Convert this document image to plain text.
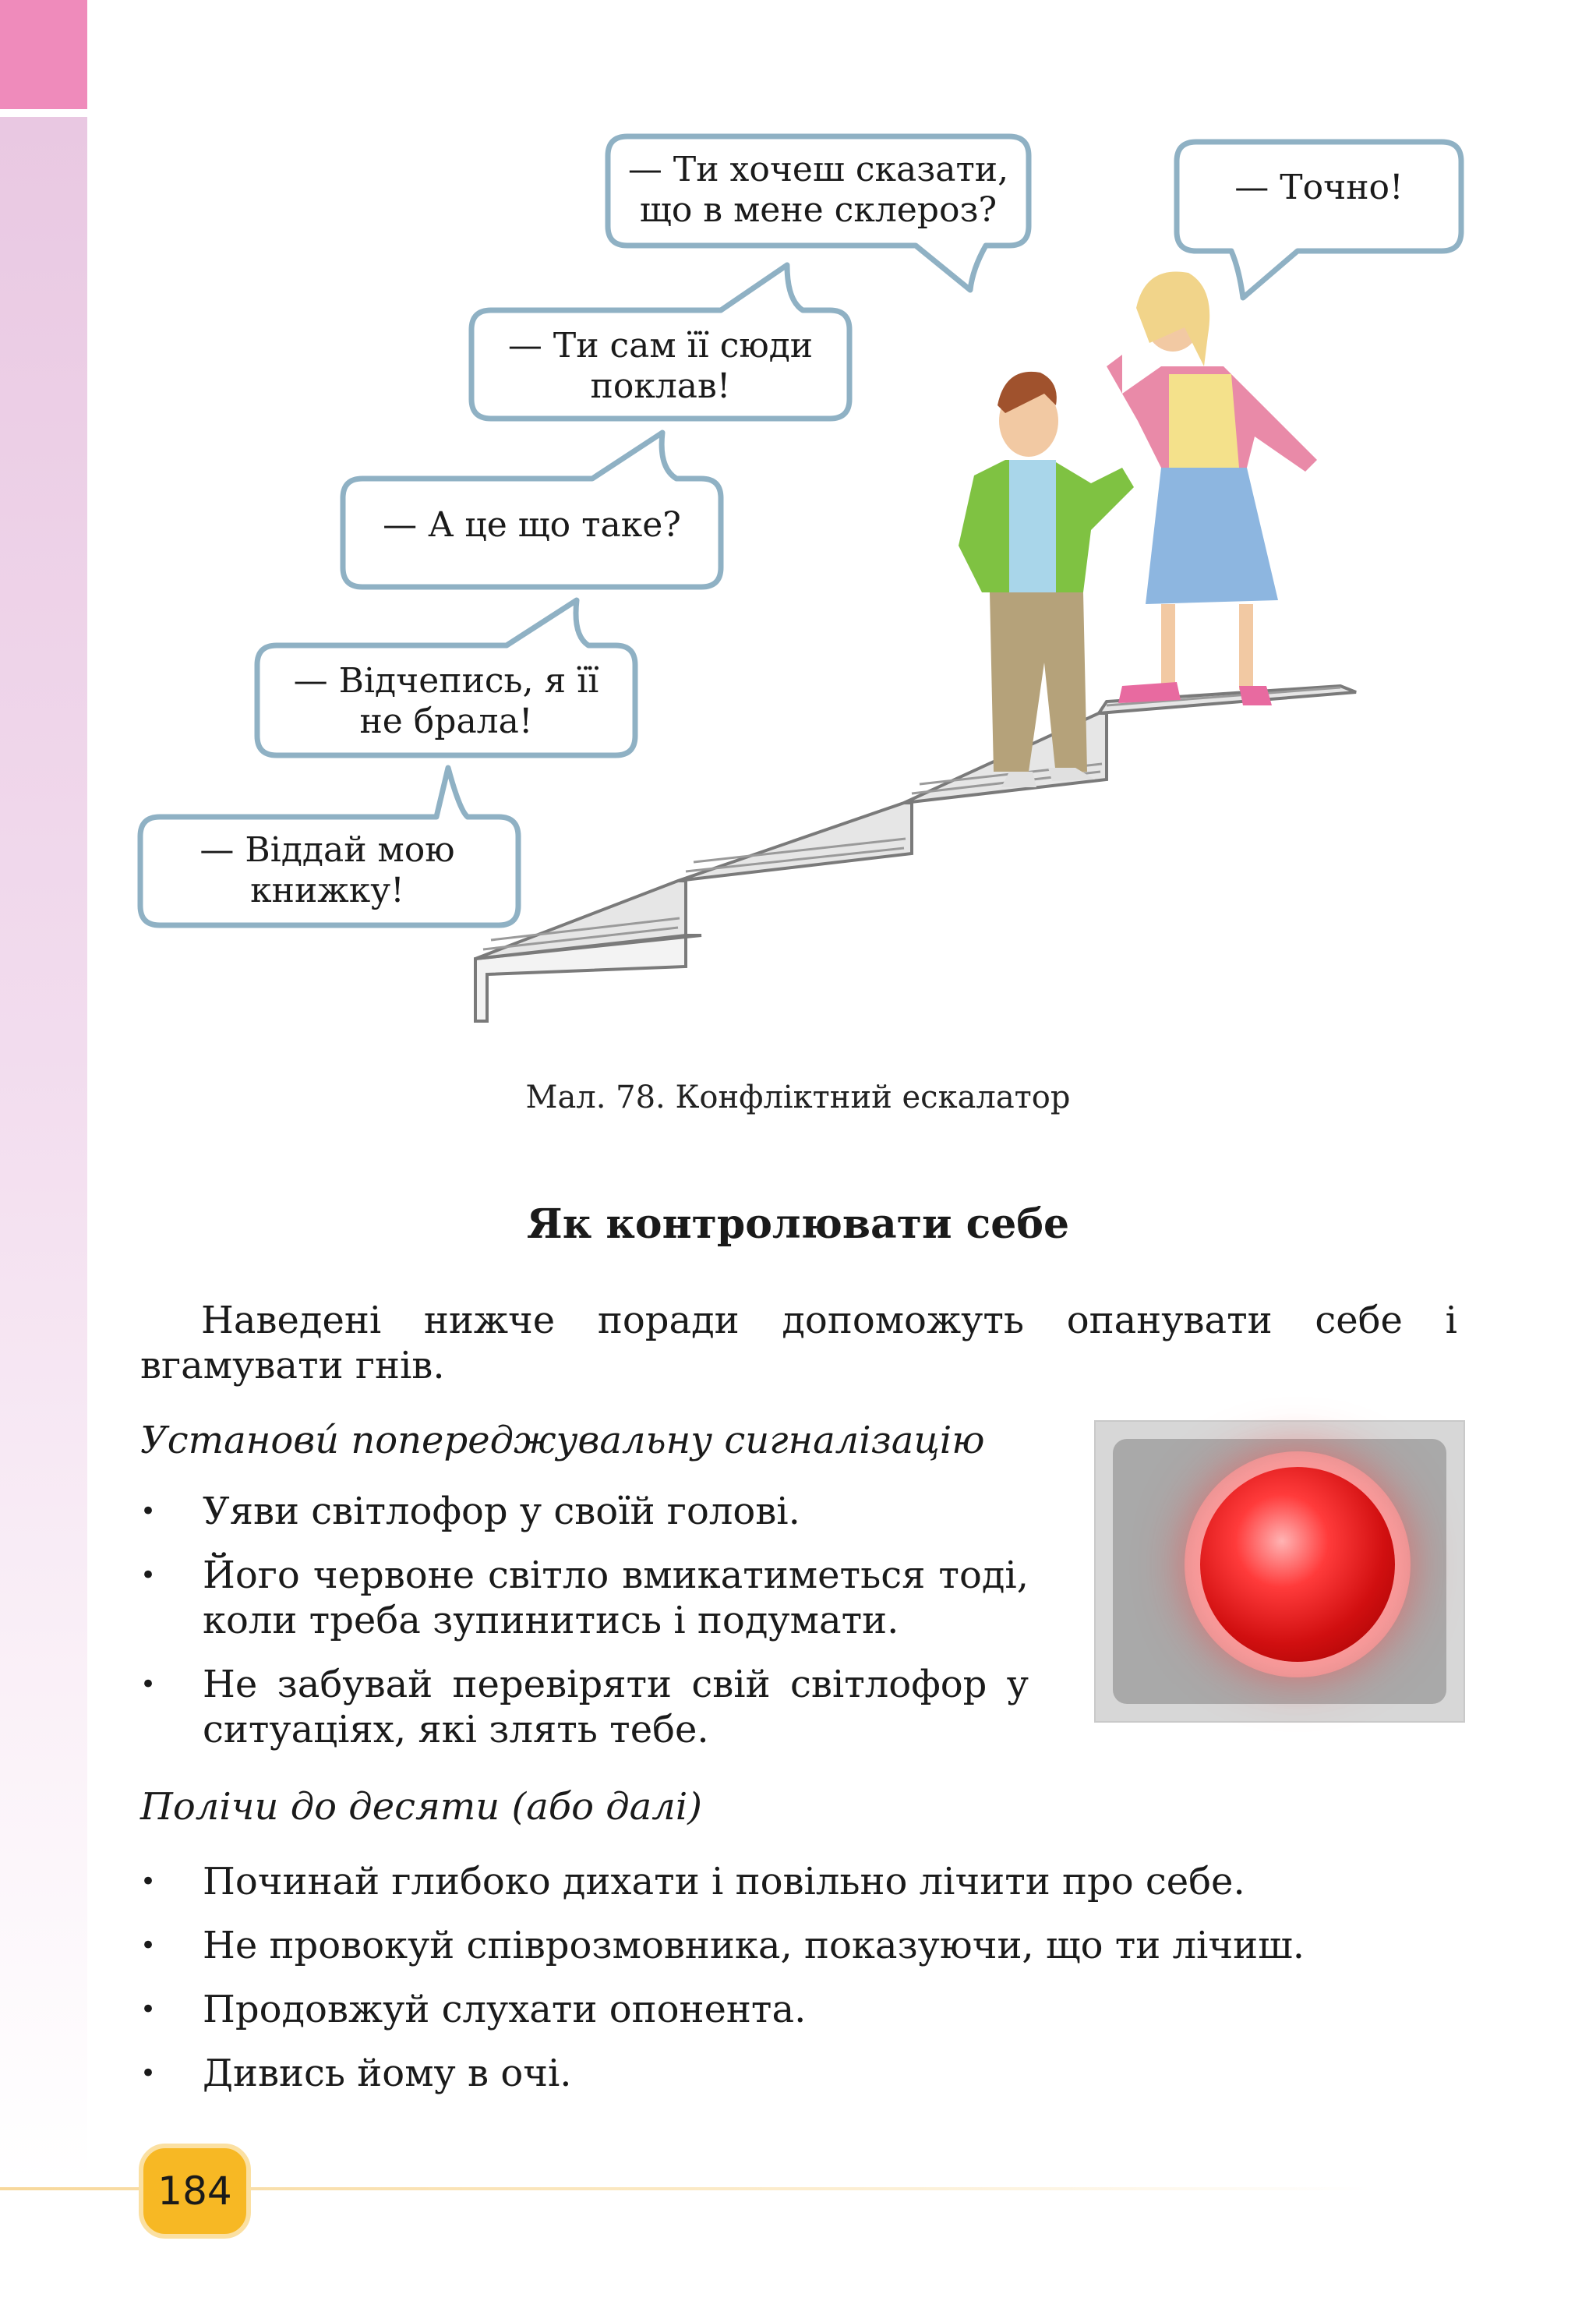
— Віддай мою
книжку!
— Відчепись, я її
не брала!
— А це що таке?
— Ти сам її сюди
поклав!
— Ти хочеш сказати,
що в мене склероз?
— Точно!
Мал. 78. Конфліктний ескалатор
Як контролювати себе
Наведені нижче поради допоможуть опанувати себе і вгамувати гнів.
Установи́ попереджувальну сигналізацію
• Уяви світлофор у своїй голові.
• Його червоне світло вмикатиметься тоді, коли треба зупинитись і подумати.
• Не забувай перевіряти свій світлофор у ситуаціях, які злять тебе.
Полічи до десяти (або далі)
• Починай глибоко дихати і повільно лічити про себе.
• Не провокуй співрозмовника, показуючи, що ти лічиш.
• Продовжуй слухати опонента.
• Дивись йому в очі.
184
